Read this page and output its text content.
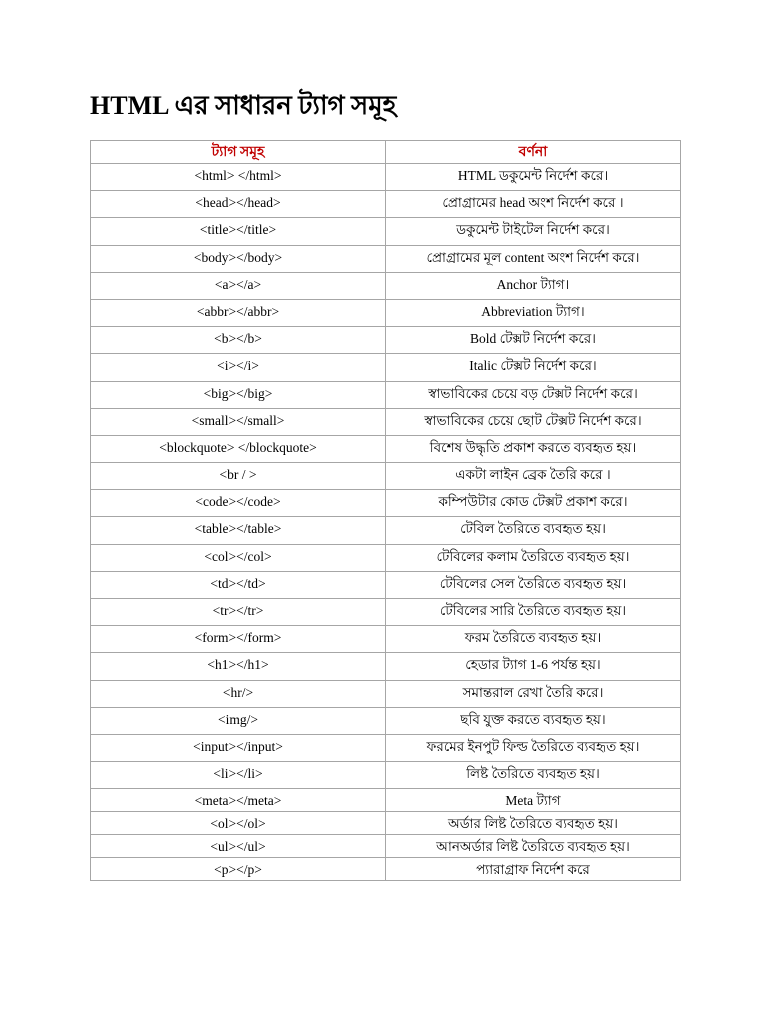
HTML এর সাধারন ট্যাগ সমূহ
ট্যাগ সমূহ	বর্ণনা
<html> </html>	HTML ডকুমেন্ট নির্দেশ করে।
<head></head>	প্রোগ্রামের head অংশ নির্দেশ করে ।
<title></title>	ডকুমেন্ট টাইটেল নির্দেশ করে।
<body></body>	প্রোগ্রামের মূল content অংশ নির্দেশ করে।
<a></a>	Anchor ট্যাগ।
<abbr></abbr>	Abbreviation ট্যাগ।
<b></b>	Bold টেক্সট নির্দেশ করে।
<i></i>	Italic টেক্সট নির্দেশ করে।
<big></big>	স্বাভাবিকের চেয়ে বড় টেক্সট নির্দেশ করে।
<small></small>	স্বাভাবিকের চেয়ে ছোট টেক্সট নির্দেশ করে।
<blockquote> </blockquote>	বিশেষ উদ্ধৃতি প্রকাশ করতে ব্যবহৃত হয়।
<br / >	একটা লাইন ব্রেক তৈরি করে ।
<code></code>	কম্পিউটার কোড টেক্সট প্রকাশ করে।
<table></table>	টেবিল তৈরিতে ব্যবহৃত হয়।
<col></col>	টেবিলের কলাম তৈরিতে ব্যবহৃত হয়।
<td></td>	টেবিলের সেল তৈরিতে ব্যবহৃত হয়।
<tr></tr>	টেবিলের সারি তৈরিতে ব্যবহৃত হয়।
<form></form>	ফরম তৈরিতে ব্যবহৃত হয়।
<h1></h1>	হেডার ট্যাগ 1-6 পর্যন্ত হয়।
<hr/>	সমান্তরাল রেখা তৈরি করে।
<img/>	ছবি যুক্ত করতে ব্যবহৃত হয়।
<input></input>	ফরমের ইনপুট ফিল্ড তৈরিতে ব্যবহৃত হয়।
<li></li>	লিষ্ট তৈরিতে ব্যবহৃত হয়।
<meta></meta>	Meta ট্যাগ
<ol></ol>	অর্ডার লিষ্ট তৈরিতে ব্যবহৃত হয়।
<ul></ul>	আনঅর্ডার লিষ্ট তৈরিতে ব্যবহৃত হয়।
<p></p>	প্যারাগ্রাফ নির্দেশ করে
